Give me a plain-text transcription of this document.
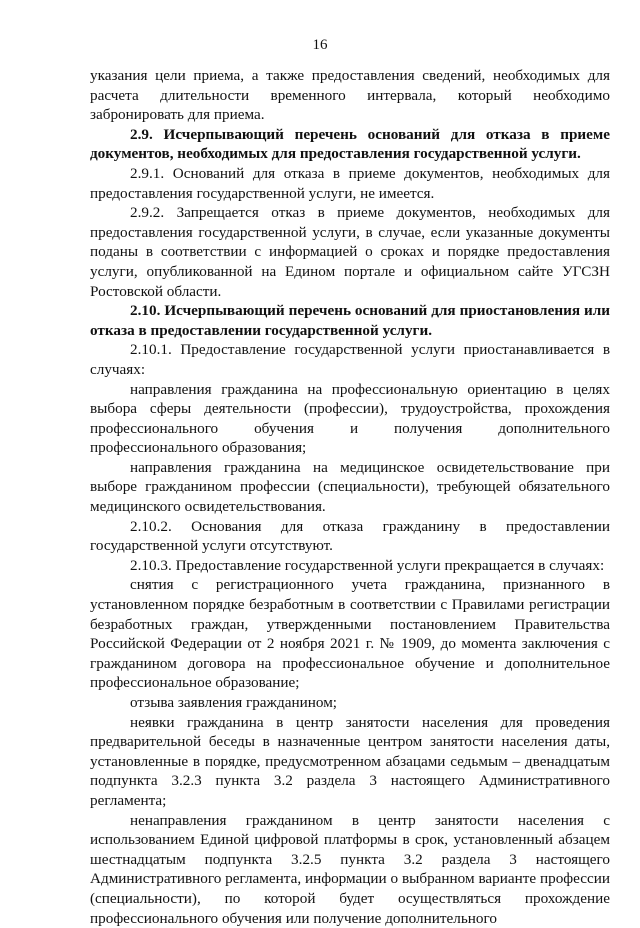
16

указания цели приема, а также предоставления сведений, необходимых для расчета длительности временного интервала, который необходимо забронировать для приема.

2.9. Исчерпывающий перечень оснований для отказа в приеме документов, необходимых для предоставления государственной услуги.

2.9.1. Оснований для отказа в приеме документов, необходимых для предоставления государственной услуги, не имеется.

2.9.2. Запрещается отказ в приеме документов, необходимых для предоставления государственной услуги, в случае, если указанные документы поданы в соответствии с информацией о сроках и порядке предоставления услуги, опубликованной на Едином портале и официальном сайте УГСЗН Ростовской области.

2.10. Исчерпывающий перечень оснований для приостановления или отказа в предоставлении государственной услуги.

2.10.1. Предоставление государственной услуги приостанавливается в случаях:

направления гражданина на профессиональную ориентацию в целях выбора сферы деятельности (профессии), трудоустройства, прохождения профессионального обучения и получения дополнительного профессионального образования;

направления гражданина на медицинское освидетельствование при выборе гражданином профессии (специальности), требующей обязательного медицинского освидетельствования.

2.10.2. Основания для отказа гражданину в предоставлении государственной услуги отсутствуют.

2.10.3. Предоставление государственной услуги прекращается в случаях:

снятия с регистрационного учета гражданина, признанного в установленном порядке безработным в соответствии с Правилами регистрации безработных граждан, утвержденными постановлением Правительства Российской Федерации от 2 ноября 2021 г. № 1909, до момента заключения с гражданином договора на профессиональное обучение и дополнительное профессиональное образование;

отзыва заявления гражданином;

неявки гражданина в центр занятости населения для проведения предварительной беседы в назначенные центром занятости населения даты, установленные в порядке, предусмотренном абзацами седьмым – двенадцатым подпункта 3.2.3 пункта 3.2 раздела 3 настоящего Административного регламента;

ненаправления гражданином в центр занятости населения с использованием Единой цифровой платформы в срок, установленный абзацем шестнадцатым подпункта 3.2.5 пункта 3.2 раздела 3 настоящего Административного регламента, информации о выбранном варианте профессии (специальности), по которой будет осуществляться прохождение профессионального обучения или получение дополнительного
